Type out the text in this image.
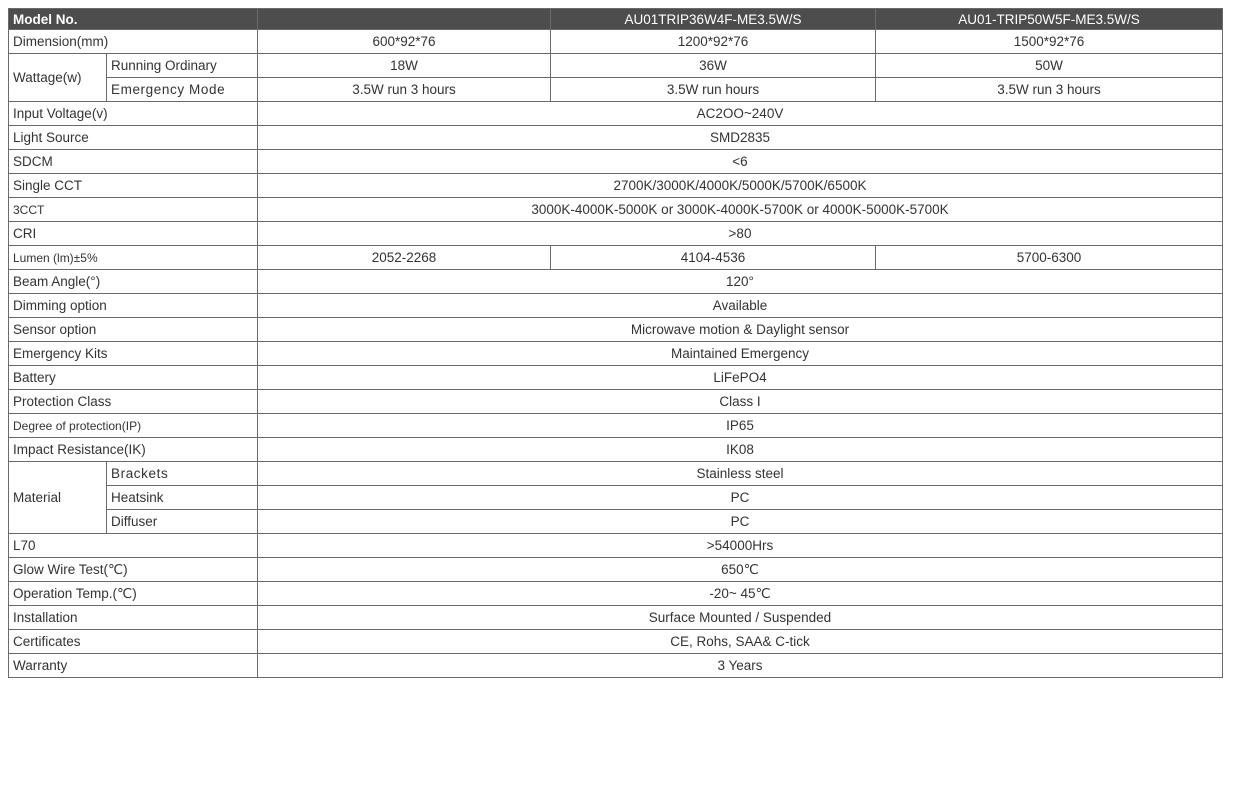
Model No.			AU01TRIP36W4F-ME3.5W/S	AU01-TRIP50W5F-ME3.5W/S
Dimension(mm)		600*92*76	1200*92*76	1500*92*76
Wattage(w)	Running Ordinary	18W	36W	50W
	Emergency Mode	3.5W run 3 hours	3.5W run hours	3.5W run 3 hours
Input Voltage(v)		AC2OO~240V		
Light Source		SMD2835		
SDCM		<6		
Single CCT		2700K/3000K/4000K/5000K/5700K/6500K		
3CCT		3000K-4000K-5000K or 3000K-4000K-5700K or 4000K-5000K-5700K		
CRI		>80		
Lumen (lm)±5%		2052-2268	4104-4536	5700-6300
Beam Angle(°)		120°		
Dimming option		Available		
Sensor option		Microwave motion & Daylight sensor		
Emergency Kits		Maintained Emergency		
Battery		LiFePO4		
Protection Class		Class I		
Degree of protection(IP)		IP65		
Impact Resistance(IK)		IK08		
Material	Brackets	Stainless steel		
	Heatsink	PC		
	Diffuser	PC		
L70		>54000Hrs		
Glow Wire Test(℃)		650℃		
Operation Temp.(℃)		-20~ 45℃		
Installation		Surface Mounted / Suspended		
Certificates		CE, Rohs, SAA& C-tick		
Warranty		3 Years		
